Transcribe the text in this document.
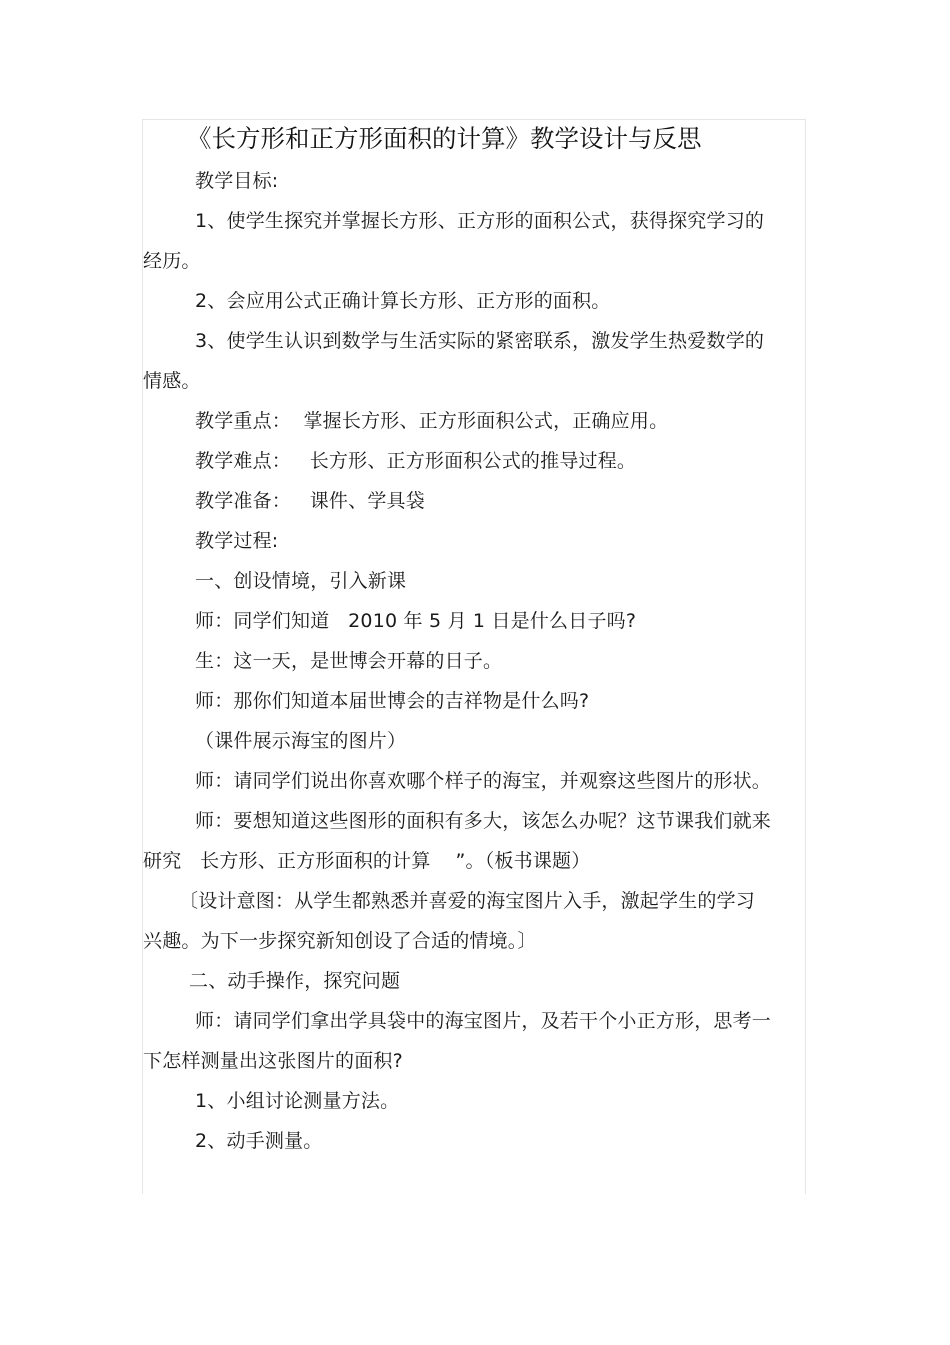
《长方形和正方形面积的计算》教学设计与反思

教学目标:

1、使学生探究并掌握长方形、正方形的面积公式，获得探究学习的经历。

2、会应用公式正确计算长方形、正方形的面积。

3、使学生认识到数学与生活实际的紧密联系，激发学生热爱数学的情感。

教学重点：  掌握长方形、正方形面积公式，正确应用。

教学难点：   长方形、正方形面积公式的推导过程。

教学准备：   课件、学具袋

教学过程:

一、创设情境，引入新课

师：同学们知道   2010 年 5 月 1 日是什么日子吗?

生：这一天，是世博会开幕的日子。

师：那你们知道本届世博会的吉祥物是什么吗?

（课件展示海宝的图片）

师：请同学们说出你喜欢哪个样子的海宝，并观察这些图片的形状。

师：要想知道这些图形的面积有多大，该怎么办呢？这节课我们就来研究   长方形、正方形面积的计算    ”。（板书课题）

〔设计意图：从学生都熟悉并喜爱的海宝图片入手，激起学生的学习兴趣。为下一步探究新知创设了合适的情境。〕

二、动手操作，探究问题

师：请同学们拿出学具袋中的海宝图片，及若干个小正方形，思考一下怎样测量出这张图片的面积?

1、小组讨论测量方法。

2、动手测量。
